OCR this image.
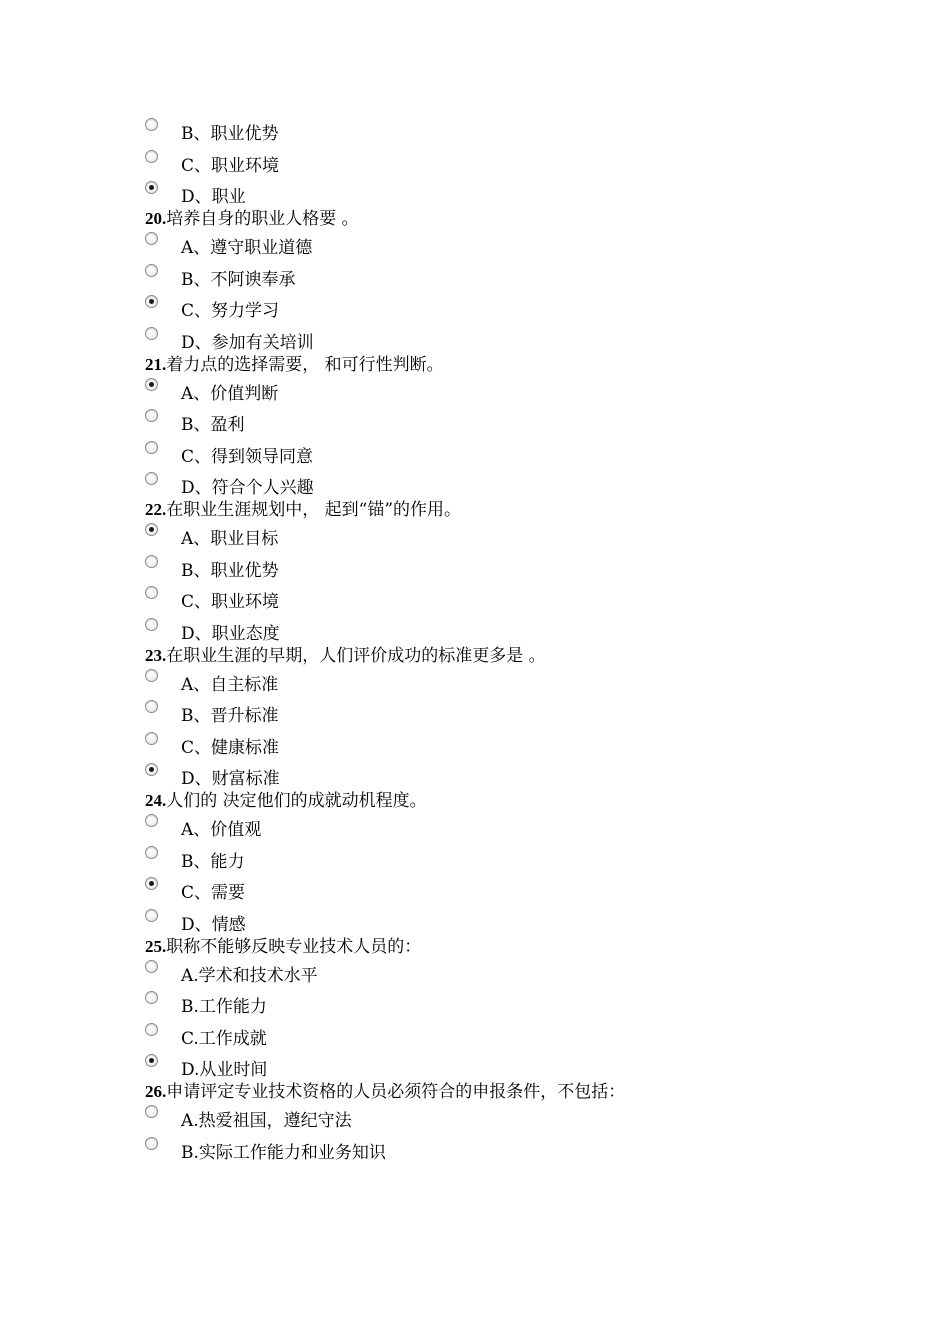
B、职业优势
C、职业环境
D、职业
20.培养自身的职业人格要 。
A、遵守职业道德
B、不阿谀奉承
C、努力学习
D、参加有关培训
21.着力点的选择需要， 和可行性判断。
A、价值判断
B、盈利
C、得到领导同意
D、符合个人兴趣
22.在职业生涯规划中， 起到“锚”的作用。
A、职业目标
B、职业优势
C、职业环境
D、职业态度
23.在职业生涯的早期，人们评价成功的标准更多是 。
A、自主标准
B、晋升标准
C、健康标准
D、财富标准
24.人们的 决定他们的成就动机程度。
A、价值观
B、能力
C、需要
D、情感
25.职称不能够反映专业技术人员的：
A.学术和技术水平
B.工作能力
C.工作成就
D.从业时间
26.申请评定专业技术资格的人员必须符合的申报条件，不包括：
A.热爱祖国，遵纪守法
B.实际工作能力和业务知识
